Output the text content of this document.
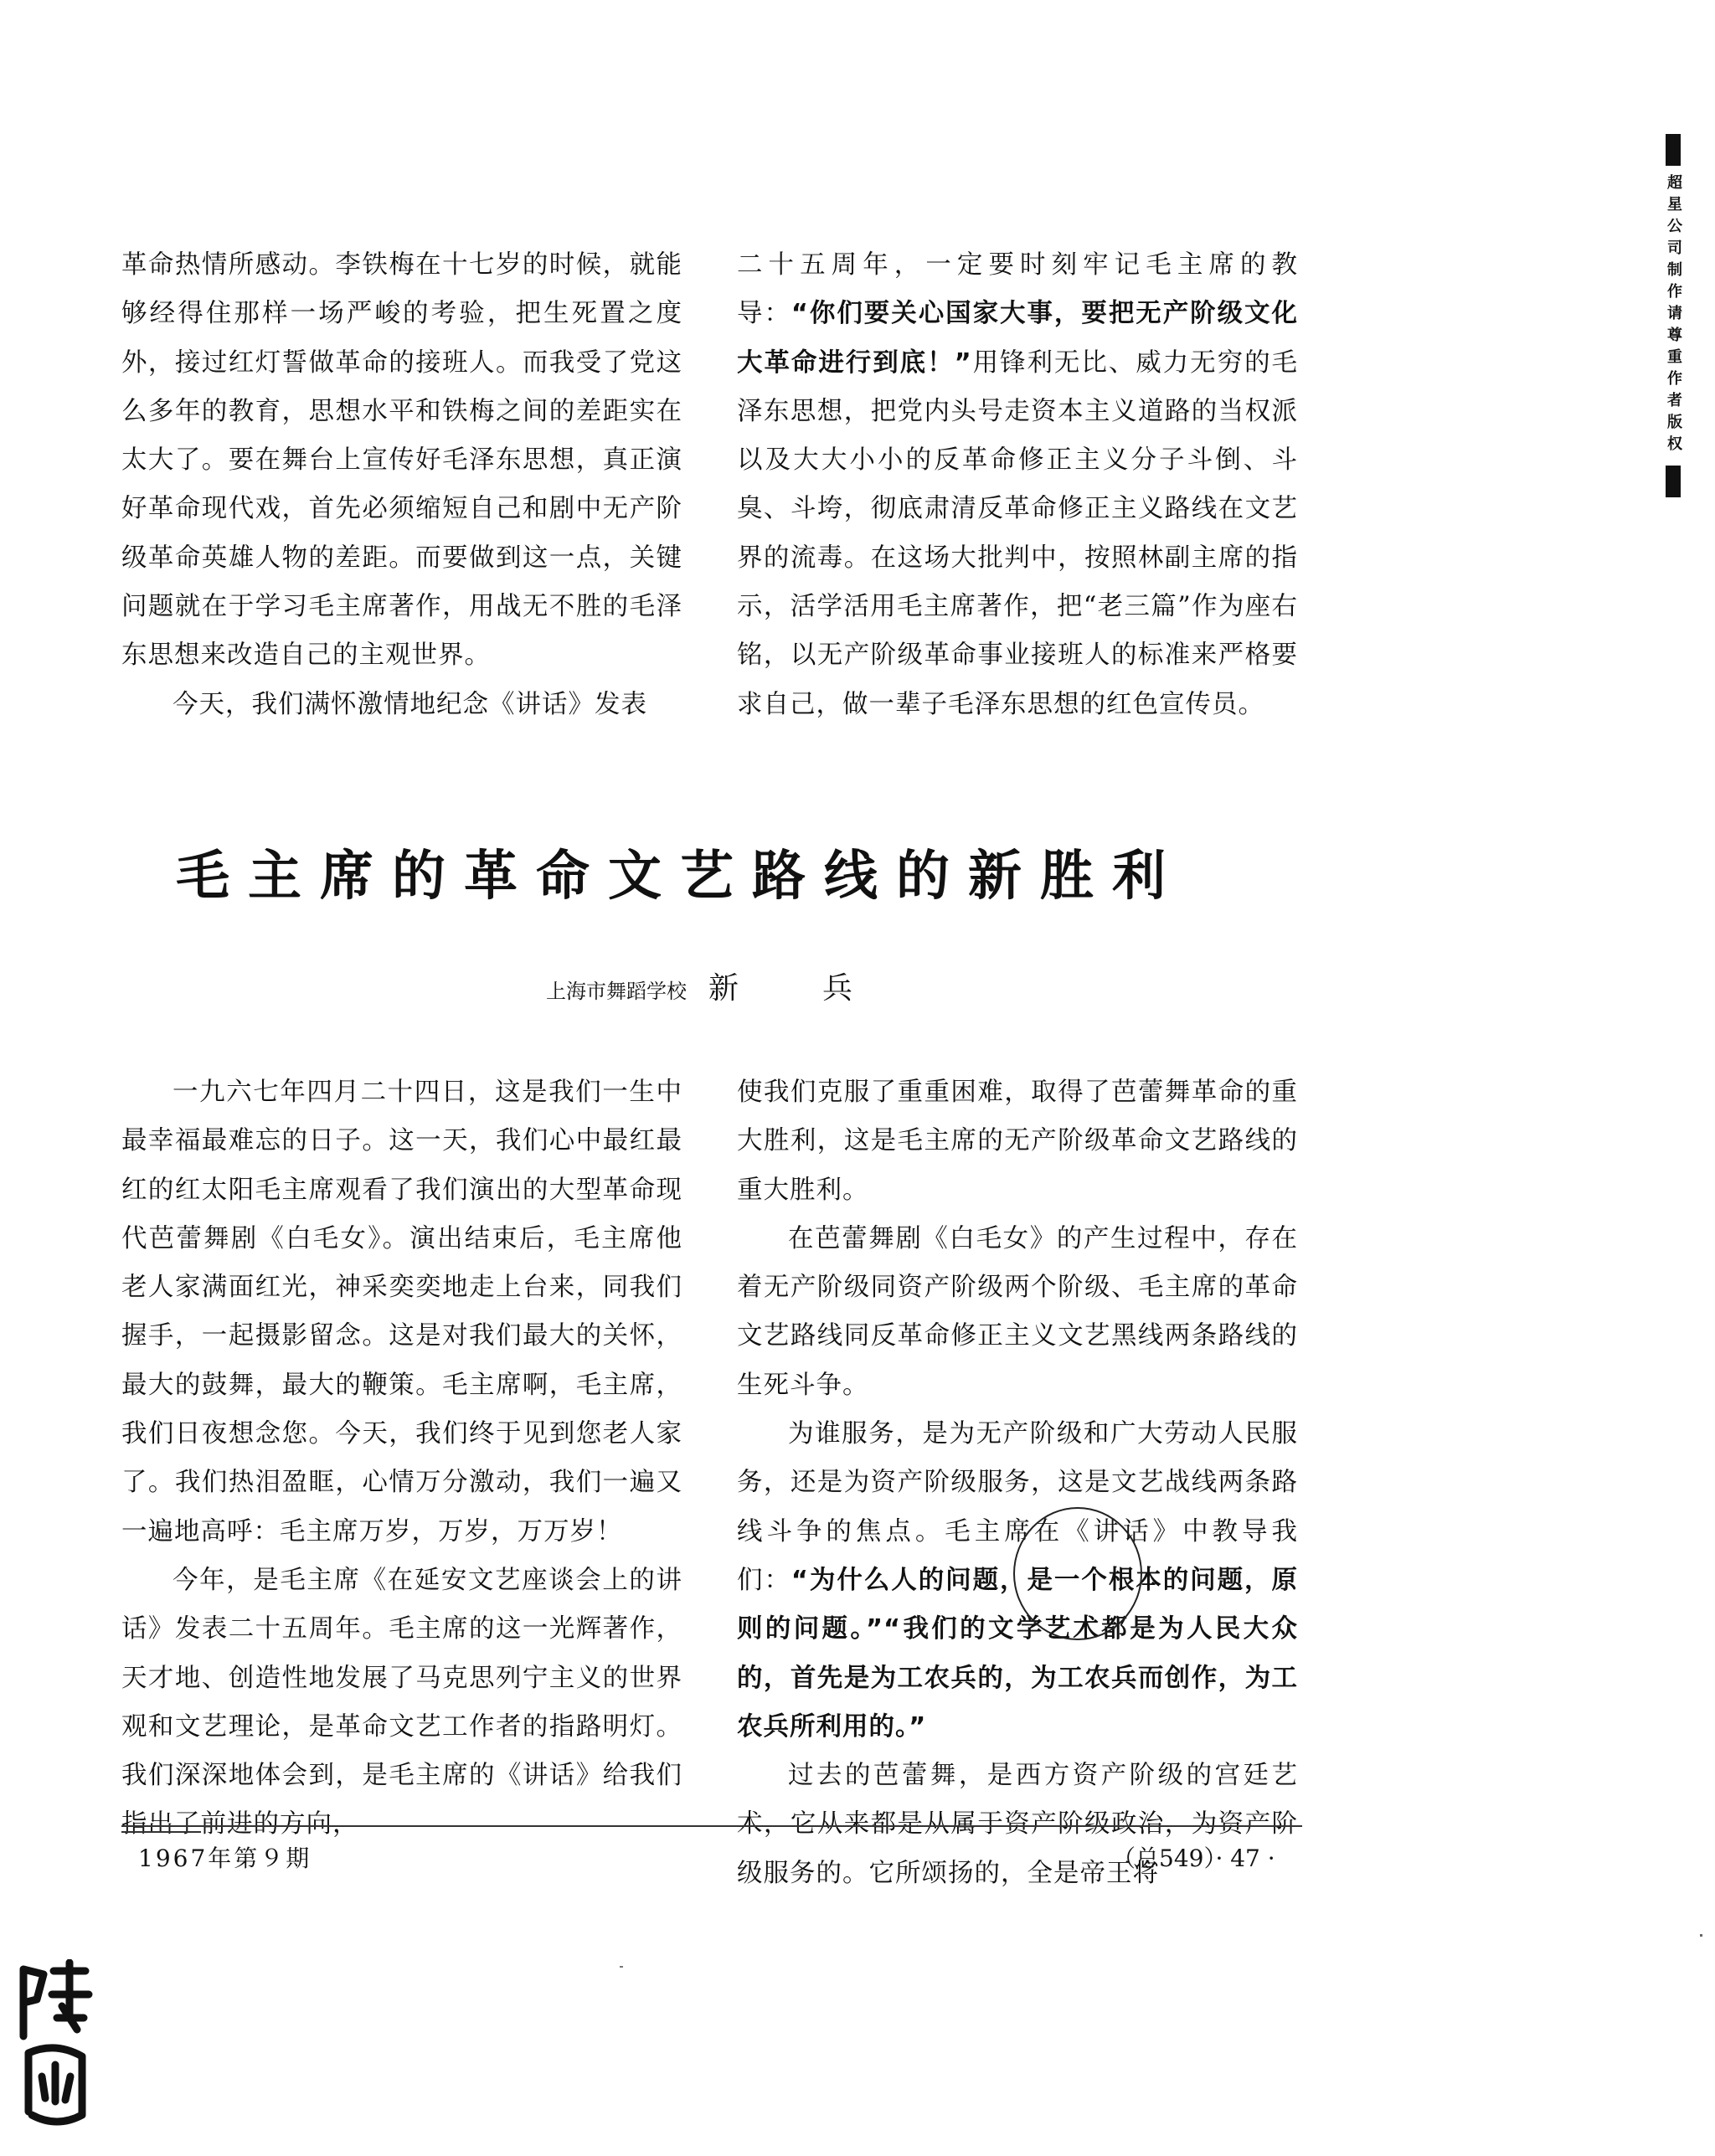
革命热情所感动。李铁梅在十七岁的时候，就能够经得住那样一场严峻的考验，把生死置之度外，接过红灯誓做革命的接班人。而我受了党这么多年的教育，思想水平和铁梅之间的差距实在太大了。要在舞台上宣传好毛泽东思想，真正演好革命现代戏，首先必须缩短自己和剧中无产阶级革命英雄人物的差距。而要做到这一点，关键问题就在于学习毛主席著作，用战无不胜的毛泽东思想来改造自己的主观世界。

今天，我们满怀激情地纪念《讲话》发表

二十五周年，一定要时刻牢记毛主席的教导：“你们要关心国家大事，要把无产阶级文化大革命进行到底！”用锋利无比、威力无穷的毛泽东思想，把党内头号走资本主义道路的当权派以及大大小小的反革命修正主义分子斗倒、斗臭、斗垮，彻底肃清反革命修正主义路线在文艺界的流毒。在这场大批判中，按照林副主席的指示，活学活用毛主席著作，把“老三篇”作为座右铭，以无产阶级革命事业接班人的标准来严格要求自己，做一辈子毛泽东思想的红色宣传员。

毛主席的革命文艺路线的新胜利
上海市舞蹈学校 新兵

一九六七年四月二十四日，这是我们一生中最幸福最难忘的日子。这一天，我们心中最红最红的红太阳毛主席观看了我们演出的大型革命现代芭蕾舞剧《白毛女》。演出结束后，毛主席他老人家满面红光，神采奕奕地走上台来，同我们握手，一起摄影留念。这是对我们最大的关怀，最大的鼓舞，最大的鞭策。毛主席啊，毛主席，我们日夜想念您。今天，我们终于见到您老人家了。我们热泪盈眶，心情万分激动，我们一遍又一遍地高呼：毛主席万岁，万岁，万万岁！

今年，是毛主席《在延安文艺座谈会上的讲话》发表二十五周年。毛主席的这一光辉著作，天才地、创造性地发展了马克思列宁主义的世界观和文艺理论，是革命文艺工作者的指路明灯。我们深深地体会到，是毛主席的《讲话》给我们指出了前进的方向，

使我们克服了重重困难，取得了芭蕾舞革命的重大胜利，这是毛主席的无产阶级革命文艺路线的重大胜利。

在芭蕾舞剧《白毛女》的产生过程中，存在着无产阶级同资产阶级两个阶级、毛主席的革命文艺路线同反革命修正主义文艺黑线两条路线的生死斗争。

为谁服务，是为无产阶级和广大劳动人民服务，还是为资产阶级服务，这是文艺战线两条路线斗争的焦点。毛主席在《讲话》中教导我们：“为什么人的问题，是一个根本的问题，原则的问题。”“我们的文学艺术都是为人民大众的，首先是为工农兵的，为工农兵而创作，为工农兵所利用的。”

过去的芭蕾舞，是西方资产阶级的宫廷艺术，它从来都是从属于资产阶级政治，为资产阶级服务的。它所颂扬的，全是帝王将

1967年第９期	（总549）· 47 ·
超星公司制作请尊重作者版权
